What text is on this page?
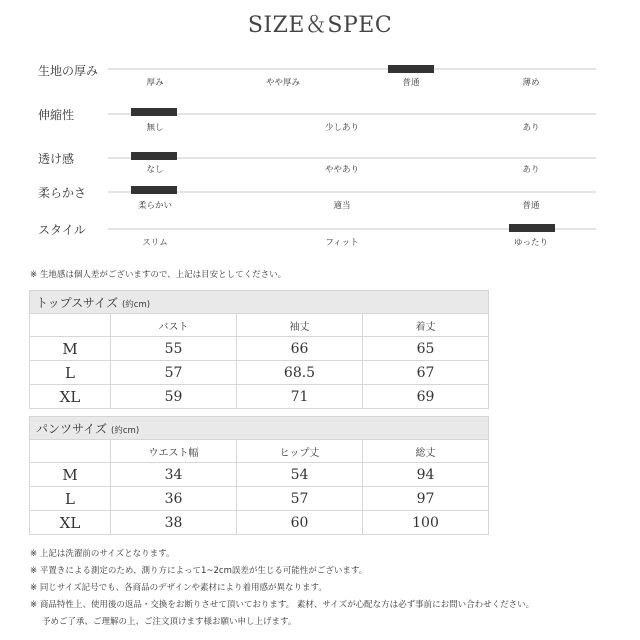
SIZE＆SPEC
生地の厚み
厚み	やや厚み	普通	薄め
伸縮性
無し	少しあり	あり
透け感
なし	ややあり	あり
柔らかさ
柔らかい	適当	普通
スタイル
スリム	フィット	ゆったり
※ 生地感は個人差がございますので、上記は目安としてください。
トップスサイズ (約cm)			
	バスト	袖丈	着丈
M	55	66	65
L	57	68.5	67
XL	59	71	69
パンツサイズ (約cm)			
	ウエスト幅	ヒップ丈	総丈
M	34	54	94
L	36	57	97
XL	38	60	100
※ 上記は洗濯前のサイズとなります。
※ 平置きによる測定のため、測り方によって1~2cm誤差が生じる可能性がございます。
※ 同じサイズ記号でも、各商品のデザインや素材により着用感が異なります。
※ 商品特性上、使用後の返品・交換をお断りさせて頂いております。 素材、サイズが心配な方は必ず事前にお問い合わせください。
予めご了承、ご理解の上、ご注文頂けます様お願い申し上げます。
